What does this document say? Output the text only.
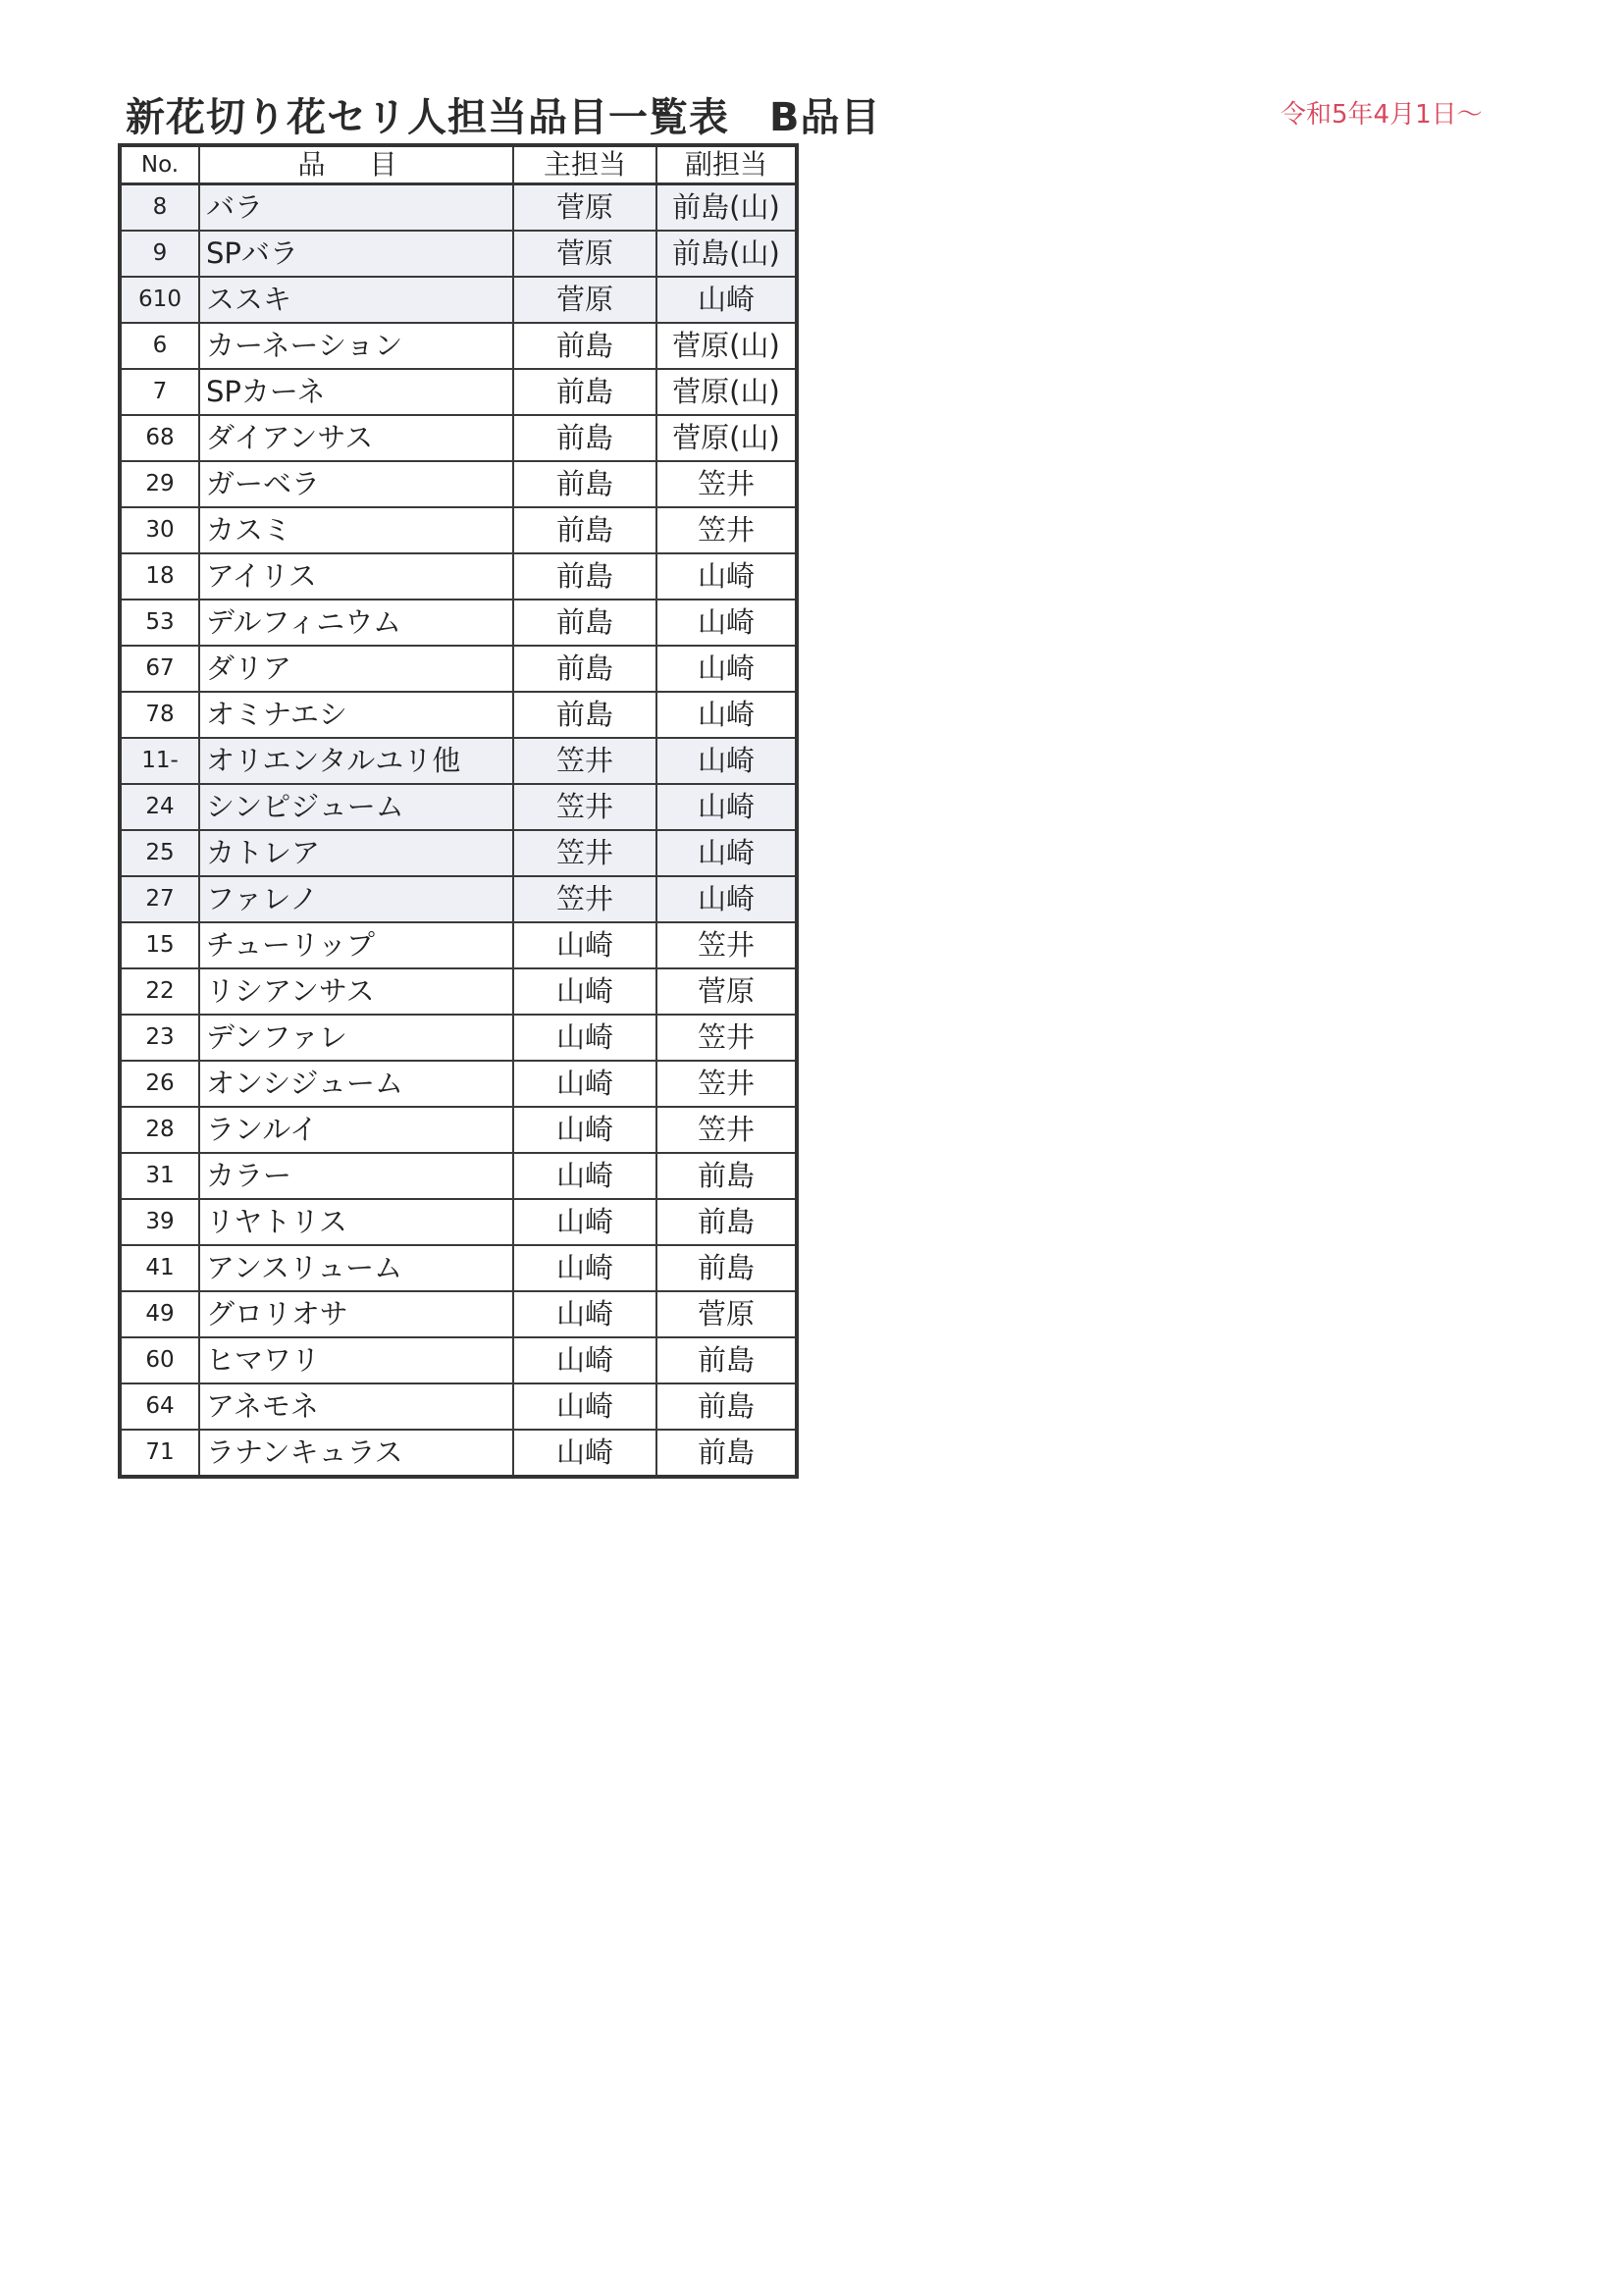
新花切り花セリ人担当品目一覧表　B品目	令和5年4月1日～
No.	品 目	主担当	副担当
8	バラ	菅原	前島(山)
9	SPバラ	菅原	前島(山)
610	ススキ	菅原	山崎
6	カーネーション	前島	菅原(山)
7	SPカーネ	前島	菅原(山)
68	ダイアンサス	前島	菅原(山)
29	ガーベラ	前島	笠井
30	カスミ	前島	笠井
18	アイリス	前島	山崎
53	デルフィニウム	前島	山崎
67	ダリア	前島	山崎
78	オミナエシ	前島	山崎
11-	オリエンタルユリ他	笠井	山崎
24	シンピジューム	笠井	山崎
25	カトレア	笠井	山崎
27	ファレノ	笠井	山崎
15	チューリップ	山崎	笠井
22	リシアンサス	山崎	菅原
23	デンファレ	山崎	笠井
26	オンシジューム	山崎	笠井
28	ランルイ	山崎	笠井
31	カラー	山崎	前島
39	リヤトリス	山崎	前島
41	アンスリューム	山崎	前島
49	グロリオサ	山崎	菅原
60	ヒマワリ	山崎	前島
64	アネモネ	山崎	前島
71	ラナンキュラス	山崎	前島
